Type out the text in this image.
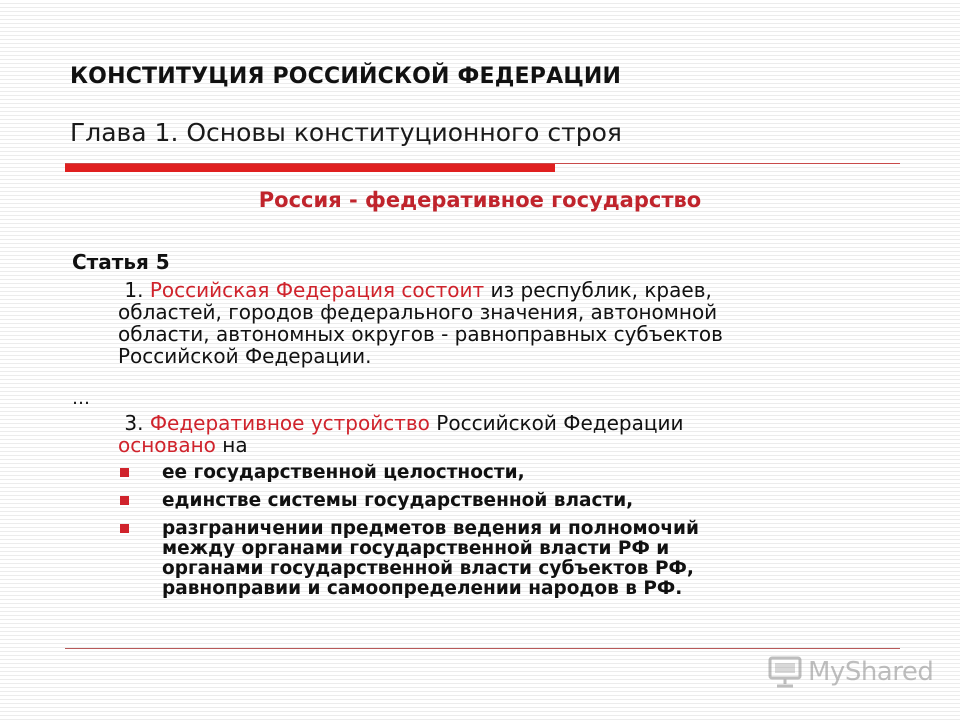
КОНСТИТУЦИЯ РОССИЙСКОЙ ФЕДЕРАЦИИ
Глава 1. Основы конституционного строя
Россия - федеративное государство
Статья 5
1. Российская Федерация состоит из республик, краев,
областей, городов федерального значения, автономной
области, автономных округов - равноправных субъектов
Российской Федерации.
…
3. Федеративное устройство Российской Федерации
основано на
ее государственной целостности,
единстве системы государственной власти,
разграничении предметов ведения и полномочий
между органами государственной власти РФ и
органами государственной власти субъектов РФ,
равноправии и самоопределении народов в РФ.
MyShared
